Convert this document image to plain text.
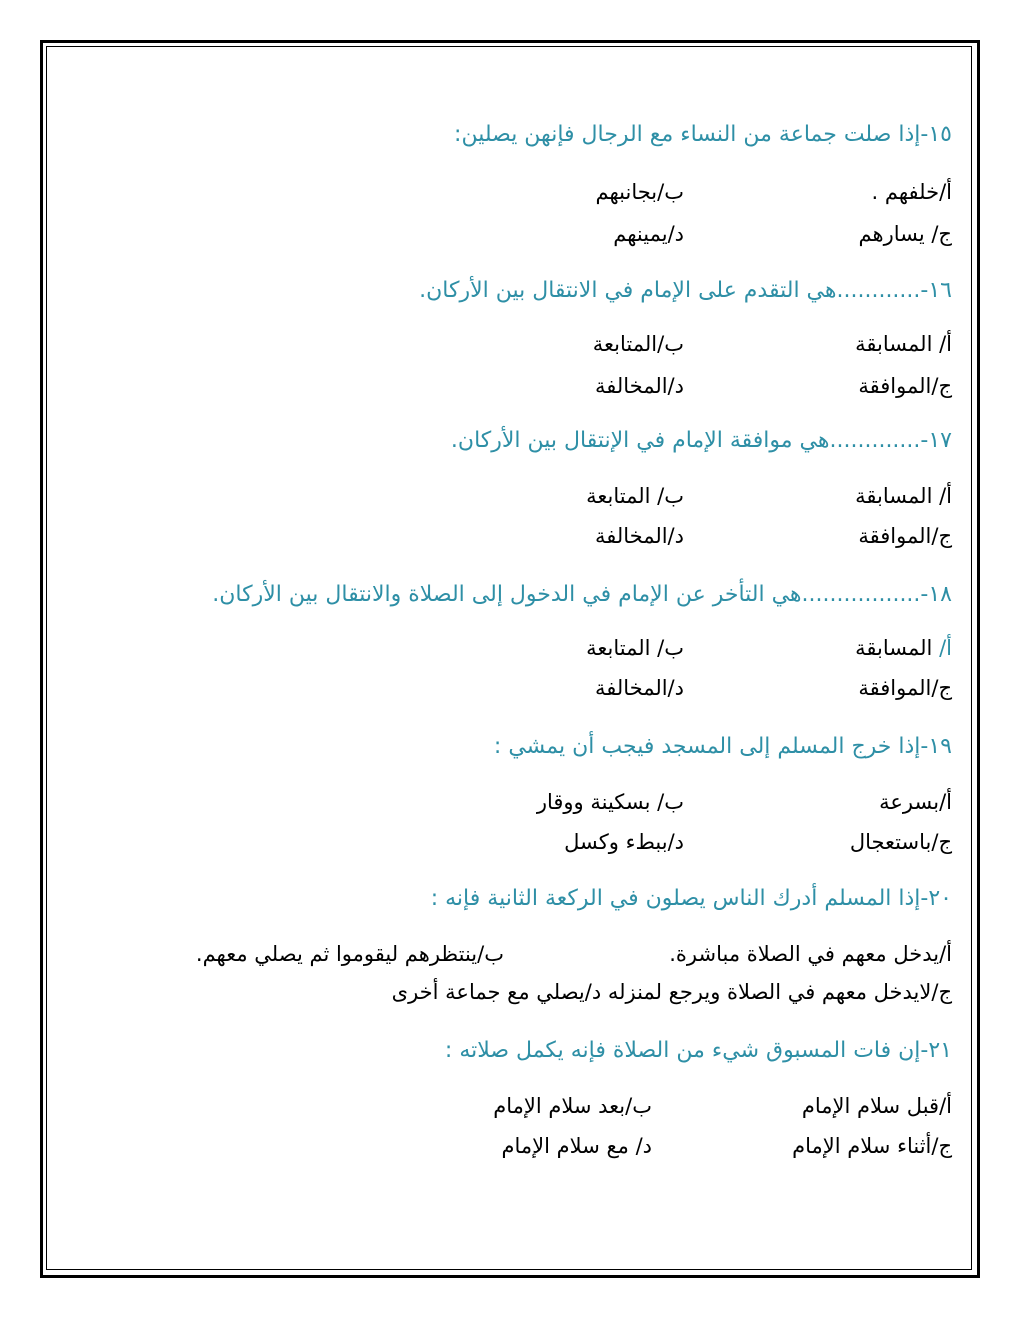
١٥-إذا صلت جماعة من النساء مع الرجال فإنهن يصلين:
أ/خلفهم .
ب/بجانبهم
ج/ يسارهم
د/يمينهم
١٦-............هي التقدم على الإمام في الانتقال بين الأركان.
أ/ المسابقة
ب/المتابعة
ج/الموافقة
د/المخالفة
١٧-.............هي موافقة الإمام في الإنتقال بين الأركان.
أ/ المسابقة
ب/ المتابعة
ج/الموافقة
د/المخالفة
١٨-.................هي التأخر عن الإمام في الدخول إلى الصلاة والانتقال بين الأركان.
أ/ المسابقة
ب/ المتابعة
ج/الموافقة
د/المخالفة
١٩-إذا خرج المسلم إلى المسجد فيجب أن يمشي :
أ/بسرعة
ب/ بسكينة ووقار
ج/باستعجال
د/ببطء وكسل
٢٠-إذا المسلم أدرك الناس يصلون في الركعة الثانية فإنه :
أ/يدخل معهم في الصلاة مباشرة.
ب/ينتظرهم ليقوموا ثم يصلي معهم.
ج/لايدخل معهم في الصلاة ويرجع لمنزله د/يصلي مع جماعة أخرى
٢١-إن فات المسبوق شيء من الصلاة فإنه يكمل صلاته :
أ/قبل سلام الإمام
ب/بعد سلام الإمام
ج/أثناء سلام الإمام
د/ مع سلام الإمام
